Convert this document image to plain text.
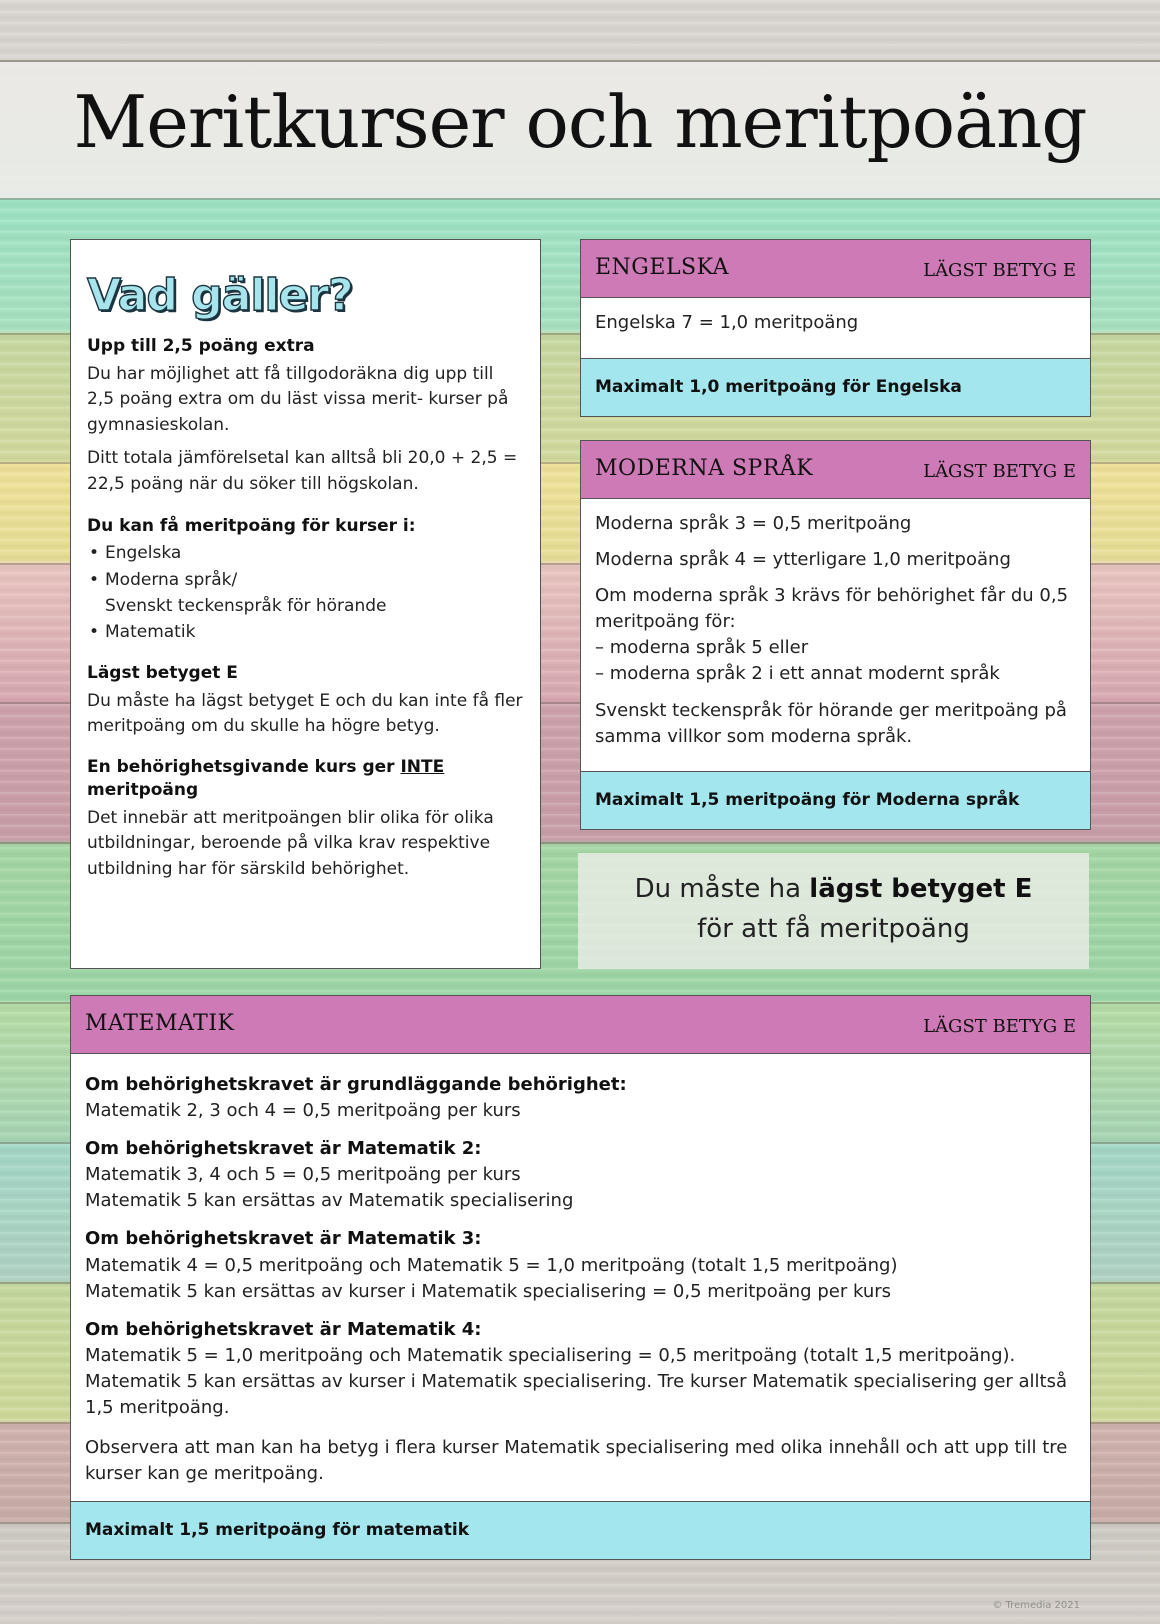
Meritkurser och meritpoäng
Vad gäller?
Upp till 2,5 poäng extra

Du har möjlighet att få tillgodoräkna dig upp till 2,5 poäng extra om du läst vissa merit- kurser på gymnasieskolan.

Ditt totala jämförelsetal kan alltså bli 20,0 + 2,5 = 22,5 poäng när du söker till högskolan.

Du kan få meritpoäng för kurser i:
• Engelska
• Moderna språk/
Svenskt teckenspråk för hörande
• Matematik
Lägst betyget E

Du måste ha lägst betyget E och du kan inte få fler meritpoäng om du skulle ha högre betyg.

En behörighetsgivande kurs ger INTE
meritpoäng

Det innebär att meritpoängen blir olika för olika utbildningar, beroende på vilka krav respektive utbildning har för särskild behörighet.

ENGELSKA	LÄGST BETYG E

Engelska 7 = 1,0 meritpoäng

Maximalt 1,0 meritpoäng för Engelska
MODERNA SPRÅK	LÄGST BETYG E

Moderna språk 3 = 0,5 meritpoäng

Moderna språk 4 = ytterligare 1,0 meritpoäng

Om moderna språk 3 krävs för behörighet får du 0,5 meritpoäng för:
– moderna språk 5 eller
– moderna språk 2 i ett annat modernt språk

Svenskt teckenspråk för hörande ger meritpoäng på samma villkor som moderna språk.

Maximalt 1,5 meritpoäng för Moderna språk
Du måste ha lägst betyget E
för att få meritpoäng
MATEMATIK	LÄGST BETYG E
Om behörighetskravet är grundläggande behörighet:

Matematik 2, 3 och 4 = 0,5 meritpoäng per kurs

Om behörighetskravet är Matematik 2:

Matematik 3, 4 och 5 = 0,5 meritpoäng per kurs

Matematik 5 kan ersättas av Matematik specialisering

Om behörighetskravet är Matematik 3:

Matematik 4 = 0,5 meritpoäng och Matematik 5 = 1,0 meritpoäng (totalt 1,5 meritpoäng)

Matematik 5 kan ersättas av kurser i Matematik specialisering = 0,5 meritpoäng per kurs

Om behörighetskravet är Matematik 4:

Matematik 5 = 1,0 meritpoäng och Matematik specialisering = 0,5 meritpoäng (totalt 1,5 meritpoäng).

Matematik 5 kan ersättas av kurser i Matematik specialisering. Tre kurser Matematik specialisering ger alltså 1,5 meritpoäng.

Observera att man kan ha betyg i flera kurser Matematik specialisering med olika innehåll och att upp till tre kurser kan ge meritpoäng.

Maximalt 1,5 meritpoäng för matematik
© Tremedia 2021
